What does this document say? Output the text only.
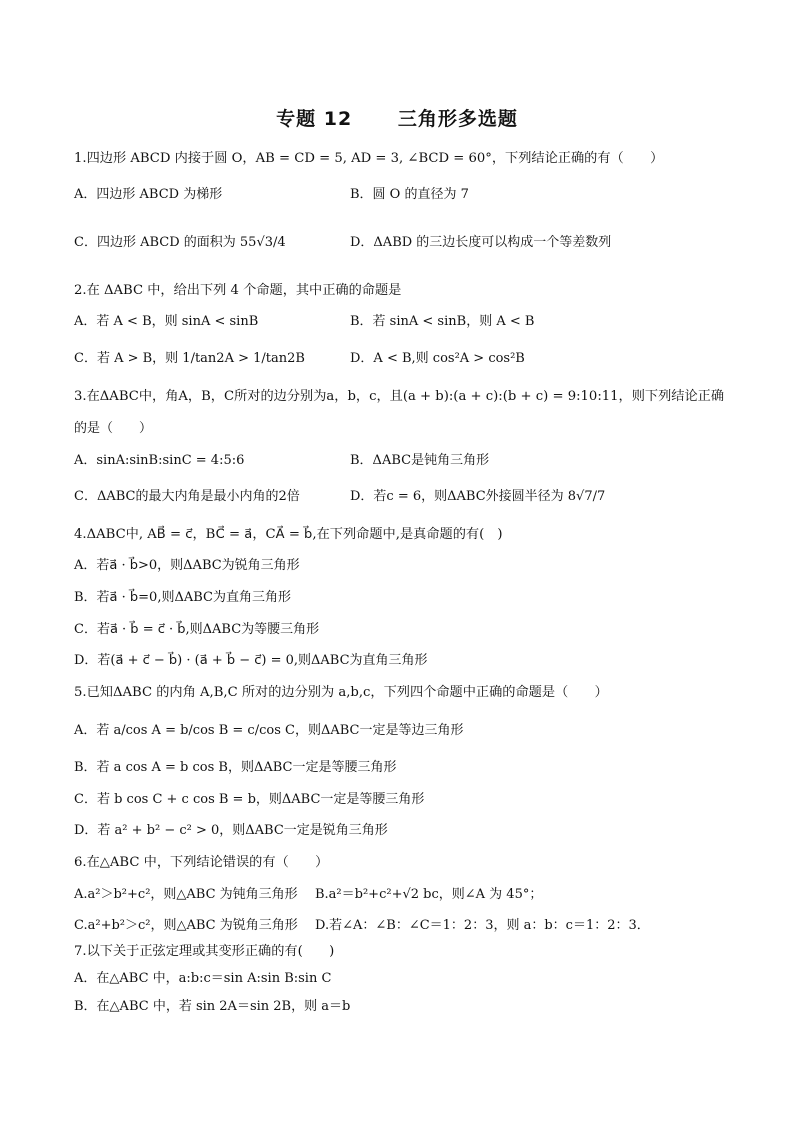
专题 12      三角形多选题
1.四边形 ABCD 内接于圆 O，AB = CD = 5, AD = 3, ∠BCD = 60°，下列结论正确的有（　　）
A．四边形 ABCD 为梯形	B．圆 O 的直径为 7
C．四边形 ABCD 的面积为 55√3/4	D．ΔABD 的三边长度可以构成一个等差数列
2.在 ΔABC 中，给出下列 4 个命题，其中正确的命题是
A．若 A < B，则 sinA < sinB	B．若 sinA < sinB，则 A < B
C．若 A > B，则 1/tan2A > 1/tan2B	D．A < B,则 cos²A > cos²B
3.在ΔABC中，角A，B，C所对的边分别为a，b，c，且(a + b):(a + c):(b + c) = 9:10:11，则下列结论正确
的是（　　）
A．sinA:sinB:sinC = 4:5:6	B．ΔABC是钝角三角形
C．ΔABC的最大内角是最小内角的2倍	D．若c = 6，则ΔABC外接圆半径为 8√7/7
4.ΔABC中, AB⃗ = c⃗，BC⃗ = a⃗，CA⃗ = b⃗,在下列命题中,是真命题的有(　)
A．若a⃗ · b⃗>0，则ΔABC为锐角三角形
B．若a⃗ · b⃗=0,则ΔABC为直角三角形
C．若a⃗ · b⃗ = c⃗ · b⃗,则ΔABC为等腰三角形
D．若(a⃗ + c⃗ − b⃗) · (a⃗ + b⃗ − c⃗) = 0,则ΔABC为直角三角形
5.已知ΔABC 的内角 A,B,C 所对的边分别为 a,b,c，下列四个命题中正确的命题是（　　）
A．若 a/cos A = b/cos B = c/cos C，则ΔABC一定是等边三角形
B．若 a cos A = b cos B，则ΔABC一定是等腰三角形
C．若 b cos C + c cos B = b，则ΔABC一定是等腰三角形
D．若 a² + b² − c² > 0，则ΔABC一定是锐角三角形
6.在△ABC 中，下列结论错误的有（　　）
A.a²＞b²+c²，则△ABC 为钝角三角形 B.a²＝b²+c²+√2 bc，则∠A 为 45°；
C.a²+b²＞c²，则△ABC 为锐角三角形 D.若∠A：∠B：∠C＝1：2：3，则 a：b：c＝1：2：3．
7.以下关于正弦定理或其变形正确的有(　　)
A．在△ABC 中，a:b:c＝sin A:sin B:sin C
B．在△ABC 中，若 sin 2A＝sin 2B，则 a＝b
